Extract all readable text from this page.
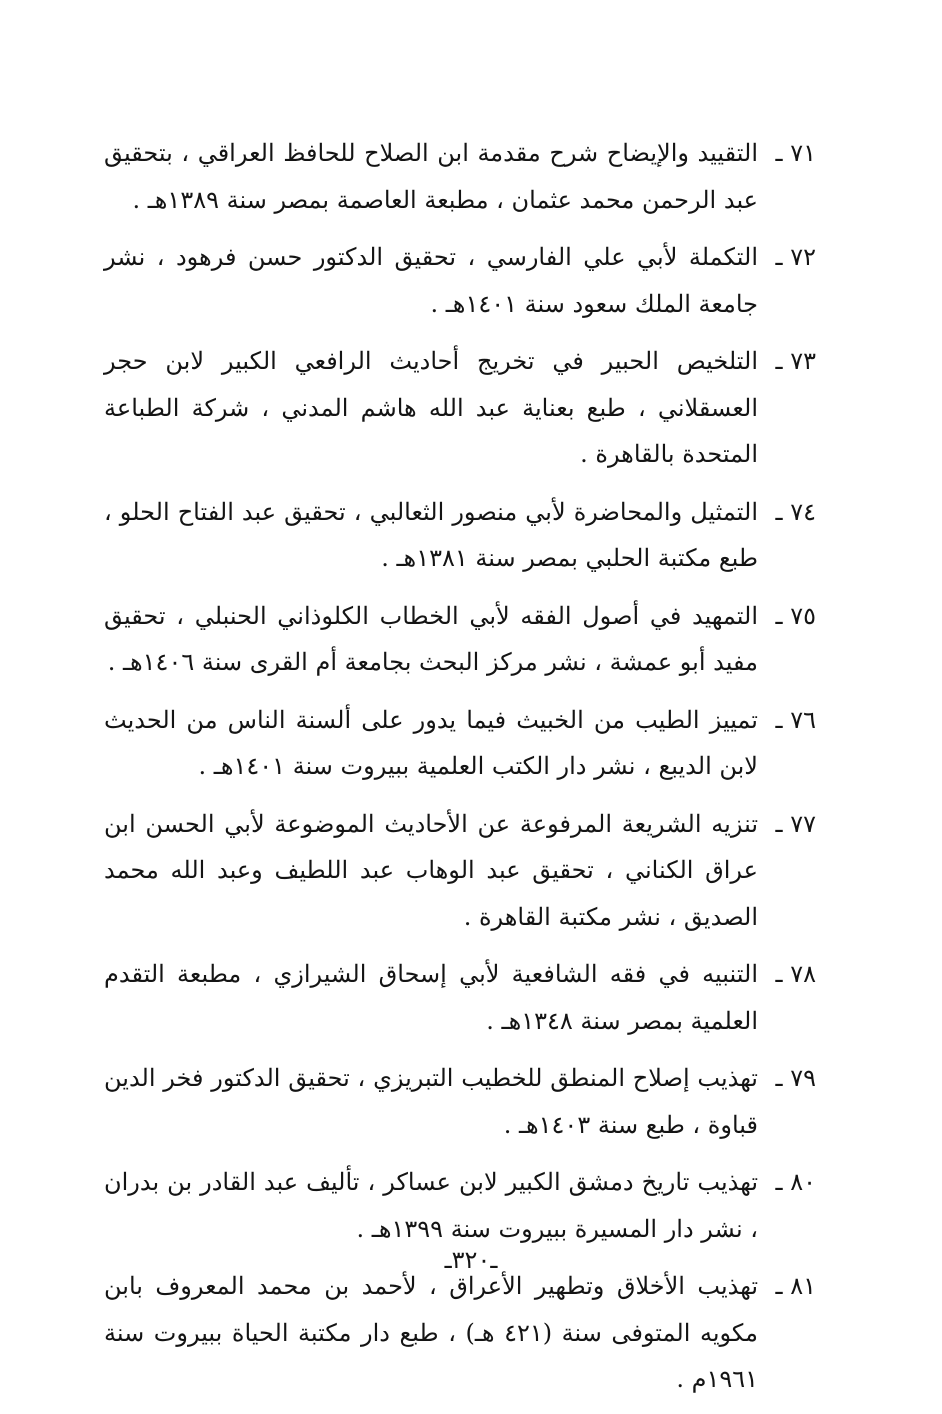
٧١ ـ
التقييد والإيضاح شرح مقدمة ابن الصلاح للحافظ العراقي ، بتحقيق عبد الرحمن محمد عثمان ، مطبعة العاصمة بمصر سنة ١٣٨٩هـ .
٧٢ ـ
التكملة لأبي علي الفارسي ، تحقيق الدكتور حسن فرهود ، نشر جامعة الملك سعود سنة ١٤٠١هـ .
٧٣ ـ
التلخيص الحبير في تخريج أحاديث الرافعي الكبير لابن حجر العسقلاني ، طبع بعناية عبد الله هاشم المدني ، شركة الطباعة المتحدة بالقاهرة .
٧٤ ـ
التمثيل والمحاضرة لأبي منصور الثعالبي ، تحقيق عبد الفتاح الحلو ، طبع مكتبة الحلبي بمصر سنة ١٣٨١هـ .
٧٥ ـ
التمهيد في أصول الفقه لأبي الخطاب الكلوذاني الحنبلي ، تحقيق مفيد أبو عمشة ، نشر مركز البحث بجامعة أم القرى سنة ١٤٠٦هـ .
٧٦ ـ
تمييز الطيب من الخبيث فيما يدور على ألسنة الناس من الحديث لابن الديبع ، نشر دار الكتب العلمية ببيروت سنة ١٤٠١هـ .
٧٧ ـ
تنزيه الشريعة المرفوعة عن الأحاديث الموضوعة لأبي الحسن ابن عراق الكناني ، تحقيق عبد الوهاب عبد اللطيف وعبد الله محمد الصديق ، نشر مكتبة القاهرة .
٧٨ ـ
التنبيه في فقه الشافعية لأبي إسحاق الشيرازي ، مطبعة التقدم العلمية بمصر سنة ١٣٤٨هـ .
٧٩ ـ
تهذيب إصلاح المنطق للخطيب التبريزي ، تحقيق الدكتور فخر الدين قباوة ، طبع سنة ١٤٠٣هـ .
٨٠ ـ
تهذيب تاريخ دمشق الكبير لابن عساكر ، تأليف عبد القادر بن بدران ، نشر دار المسيرة ببيروت سنة ١٣٩٩هـ .
٨١ ـ
تهذيب الأخلاق وتطهير الأعراق ، لأحمد بن محمد المعروف بابن مكويه المتوفى سنة (٤٢١ هـ) ، طبع دار مكتبة الحياة ببيروت سنة ١٩٦١م .
ـ٣٢٠ـ
